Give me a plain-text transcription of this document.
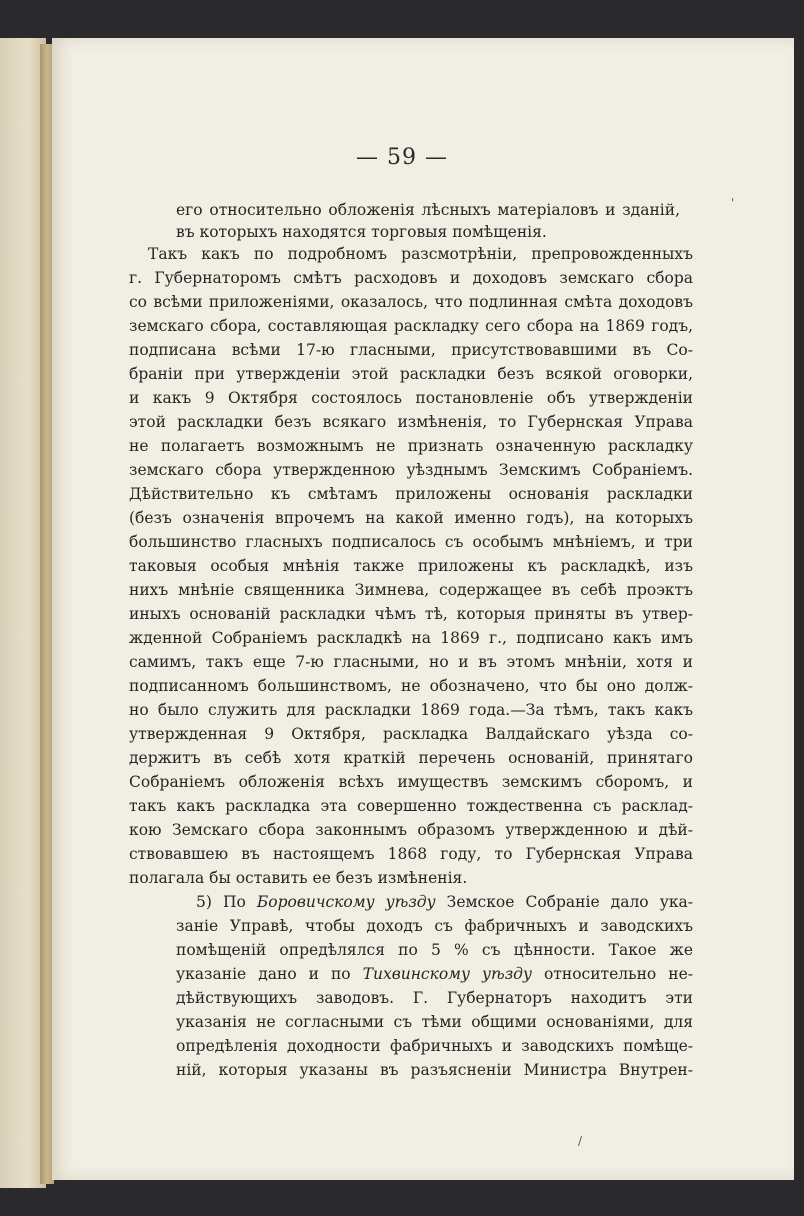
— 59 —
его относительно обложенія лѣсныхъ матеріаловъ и зданій,
въ которыхъ находятся торговыя помѣщенія.
Такъ какъ по подробномъ разсмотрѣніи, препровожденныхъ
г. Губернаторомъ смѣтъ расходовъ и доходовъ земскаго сбора
со всѣми приложеніями, оказалось, что подлинная смѣта доходовъ
земскаго сбора, составляющая раскладку сего сбора на 1869 годъ,
подписана всѣми 17-ю гласными, присутствовавшими въ Со-
браніи при утвержденіи этой раскладки безъ всякой оговорки,
и какъ 9 Октября состоялось постановленіе объ утвержденіи
этой раскладки безъ всякаго измѣненія, то Губернская Управа
не полагаетъ возможнымъ не признать означенную раскладку
земскаго сбора утвержденною уѣзднымъ Земскимъ Собраніемъ.
Дѣйствительно къ смѣтамъ приложены основанія раскладки
(безъ означенія впрочемъ на какой именно годъ), на которыхъ
большинство гласныхъ подписалось съ особымъ мнѣніемъ, и три
таковыя особыя мнѣнія также приложены къ раскладкѣ, изъ
нихъ мнѣніе священника Зимнева, содержащее въ себѣ проэктъ
иныхъ основаній раскладки чѣмъ тѣ, которыя приняты въ утвер-
жденной Собраніемъ раскладкѣ на 1869 г., подписано какъ имъ
самимъ, такъ еще 7-ю гласными, но и въ этомъ мнѣніи, хотя и
подписанномъ большинствомъ, не обозначено, что бы оно долж-
но было служить для раскладки 1869 года.—За тѣмъ, такъ какъ
утвержденная 9 Октября, раскладка Валдайскаго уѣзда со-
держитъ въ себѣ хотя краткій перечень основаній, принятаго
Собраніемъ обложенія всѣхъ имуществъ земскимъ сборомъ, и
такъ какъ раскладка эта совершенно тождественна съ расклад-
кою Земскаго сбора законнымъ образомъ утвержденною и дѣй-
ствовавшею въ настоящемъ 1868 году, то Губернская Управа
полагала бы оставить ее безъ измѣненія.
5) По Боровичскому уѣзду Земское Собраніе дало ука-
заніе Управѣ, чтобы доходъ съ фабричныхъ и заводскихъ
помѣщеній опредѣлялся по 5 % съ цѣнности. Такое же
указаніе дано и по Тихвинскому уѣзду относительно не-
дѣйствующихъ заводовъ. Г. Губернаторъ находитъ эти
указанія не согласными съ тѣми общими основаніями, для
опредѣленія доходности фабричныхъ и заводскихъ помѣще-
ній, которыя указаны въ разъясненіи Министра Внутрен-
'
/
